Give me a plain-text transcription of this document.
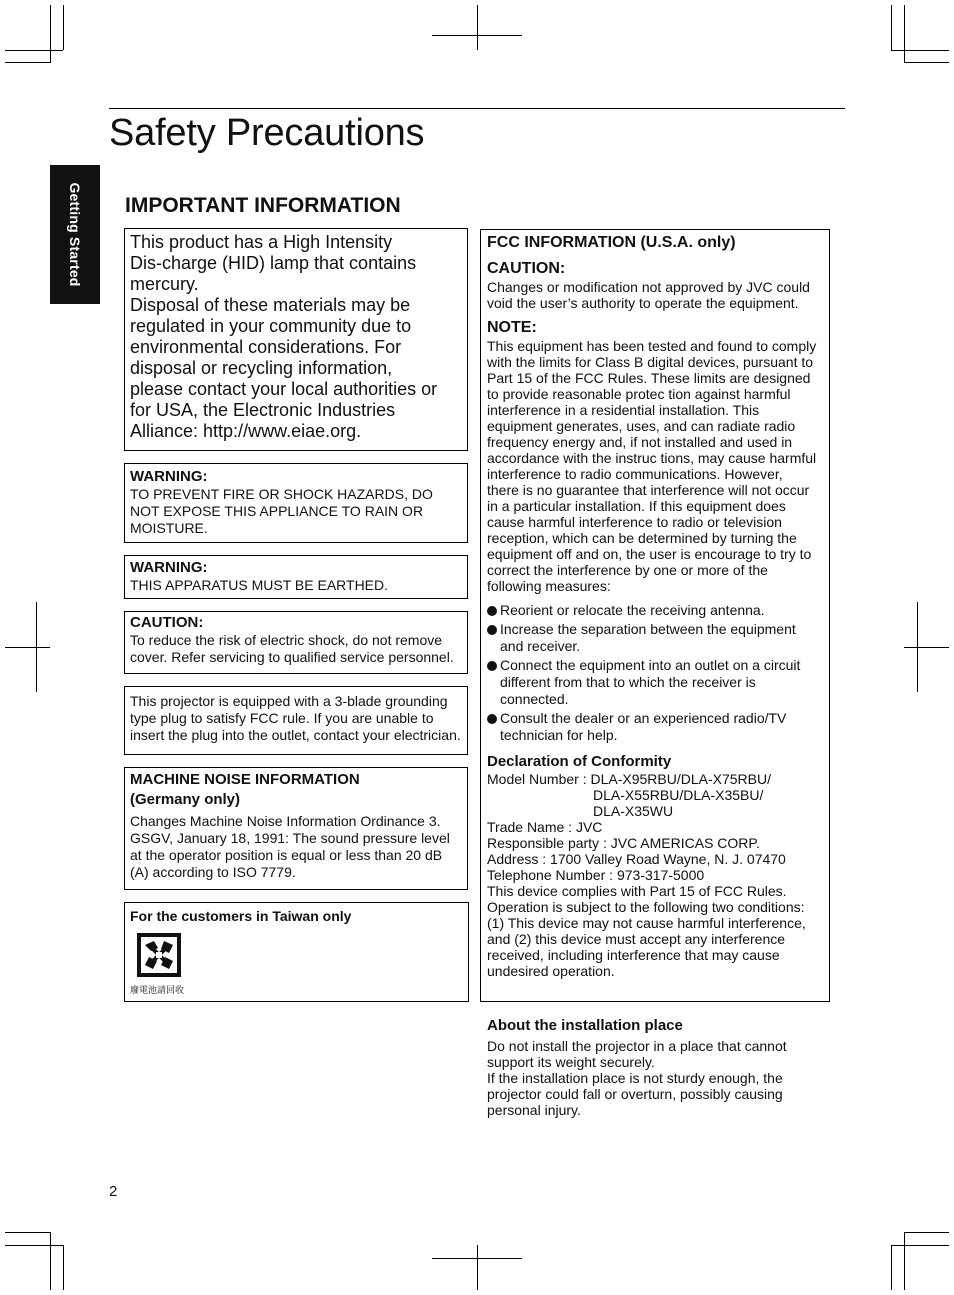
Safety Precautions
Getting Started	IMPORTANT INFORMATION
This product has a High Intensity
Dis-charge (HID) lamp that contains
mercury.
Disposal of these materials may be
regulated in your community due to
environmental considerations. For
disposal or recycling information,
please contact your local authorities or
for USA, the Electronic Industries
Alliance: http://www.eiae.org.
WARNING:
TO PREVENT FIRE OR SHOCK HAZARDS, DO
NOT EXPOSE THIS APPLIANCE TO RAIN OR
MOISTURE.
WARNING:
THIS APPARATUS MUST BE EARTHED.
CAUTION:
To reduce the risk of electric shock, do not remove
cover. Refer servicing to qualified service personnel.
This projector is equipped with a 3-blade grounding
type plug to satisfy FCC rule. If you are unable to
insert the plug into the outlet, contact your electrician.
MACHINE NOISE INFORMATION
(Germany only)
Changes Machine Noise Information Ordinance 3.
GSGV, January 18, 1991: The sound pressure level
at the operator position is equal or less than 20 dB
(A) according to ISO 7779.
For the customers in Taiwan only
廢電池請回收
FCC INFORMATION (U.S.A. only)
CAUTION:
Changes or modification not approved by JVC could
void the user’s authority to operate the equipment.
NOTE:
This equipment has been tested and found to comply
with the limits for Class B digital devices, pursuant to
Part 15 of the FCC Rules. These limits are designed
to provide reasonable protec tion against harmful
interference in a residential installation. This
equipment generates, uses, and can radiate radio
frequency energy and, if not installed and used in
accordance with the instruc tions, may cause harmful
interference to radio communications. However,
there is no guarantee that interference will not occur
in a particular installation. If this equipment does
cause harmful interference to radio or television
reception, which can be determined by turning the
equipment off and on, the user is encourage to try to
correct the interference by one or more of the
following measures:
Reorient or relocate the receiving antenna.
Increase the separation between the equipment
and receiver.
Connect the equipment into an outlet on a circuit
different from that to which the receiver is
connected.
Consult the dealer or an experienced radio/TV
technician for help.
Declaration of Conformity
Model Number : DLA-X95RBU/DLA-X75RBU/
DLA-X55RBU/DLA-X35BU/
DLA-X35WU
Trade Name : JVC
Responsible party : JVC AMERICAS CORP.
Address : 1700 Valley Road Wayne, N. J. 07470
Telephone Number : 973-317-5000
This device complies with Part 15 of FCC Rules.
Operation is subject to the following two conditions:
(1) This device may not cause harmful interference,
and (2) this device must accept any interference
received, including interference that may cause
undesired operation.
About the installation place
Do not install the projector in a place that cannot
support its weight securely.
If the installation place is not sturdy enough, the
projector could fall or overturn, possibly causing
personal injury.
2
